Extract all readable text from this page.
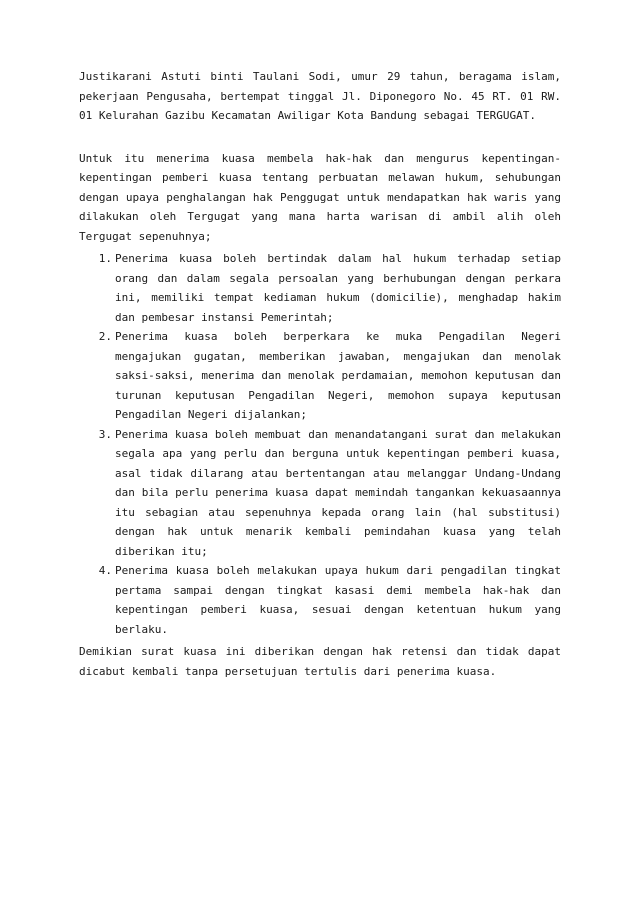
Justikarani Astuti binti Taulani Sodi, umur 29 tahun, beragama islam, pekerjaan Pengusaha, bertempat tinggal Jl. Diponegoro No. 45 RT. 01 RW. 01 Kelurahan Gazibu Kecamatan Awiligar Kota Bandung sebagai TERGUGAT.

Untuk itu menerima kuasa membela hak-hak dan mengurus kepentingan-kepentingan pemberi kuasa tentang perbuatan melawan hukum, sehubungan dengan upaya penghalangan hak Penggugat untuk mendapatkan hak waris yang dilakukan oleh Tergugat yang mana harta warisan di ambil alih oleh Tergugat sepenuhnya;

1. Penerima kuasa boleh bertindak dalam hal hukum terhadap setiap orang dan dalam segala persoalan yang berhubungan dengan perkara ini, memiliki tempat kediaman hukum (domicilie), menghadap hakim dan pembesar instansi Pemerintah;
2. Penerima kuasa boleh berperkara ke muka Pengadilan Negeri mengajukan gugatan, memberikan jawaban, mengajukan dan menolak saksi-saksi, menerima dan menolak perdamaian, memohon keputusan dan turunan keputusan Pengadilan Negeri, memohon supaya keputusan Pengadilan Negeri dijalankan;
3. Penerima kuasa boleh membuat dan menandatangani surat dan melakukan segala apa yang perlu dan berguna untuk kepentingan pemberi kuasa, asal tidak dilarang atau bertentangan atau melanggar Undang-Undang dan bila perlu penerima kuasa dapat memindah tangankan kekuasaannya itu sebagian atau sepenuhnya kepada orang lain (hal substitusi) dengan hak untuk menarik kembali pemindahan kuasa yang telah diberikan itu;
4. Penerima kuasa boleh melakukan upaya hukum dari pengadilan tingkat pertama sampai dengan tingkat kasasi demi membela hak-hak dan kepentingan pemberi kuasa, sesuai dengan ketentuan hukum yang berlaku.

Demikian surat kuasa ini diberikan dengan hak retensi dan tidak dapat dicabut kembali tanpa persetujuan tertulis dari penerima kuasa.
